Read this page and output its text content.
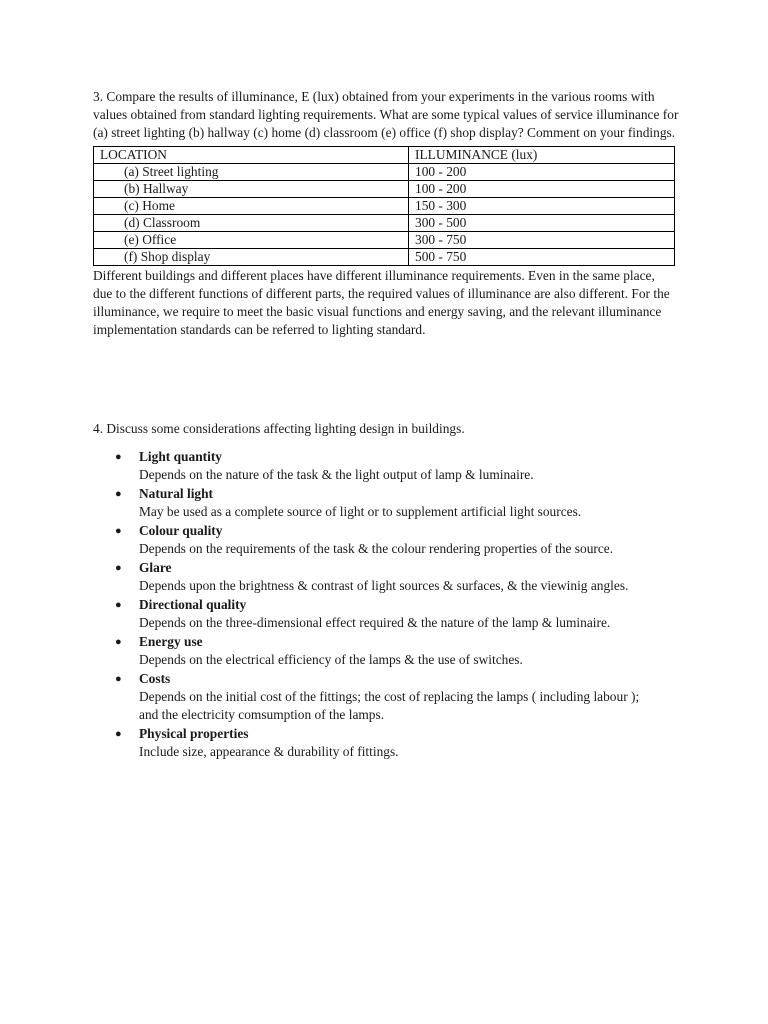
3. Compare the results of illuminance, E (lux) obtained from your experiments in the various rooms with values obtained from standard lighting requirements. What are some typical values of service illuminance for (a) street lighting (b) hallway (c) home (d) classroom (e) office (f) shop display? Comment on your findings.

LOCATION	ILLUMINANCE (lux)
(a) Street lighting	100 - 200
(b) Hallway	100 - 200
(c) Home	150 - 300
(d) Classroom	300 - 500
(e) Office	300 - 750
(f) Shop display	500 - 750

Different buildings and different places have different illuminance requirements. Even in the same place, due to the different functions of different parts, the required values of illuminance are also different. For the illuminance, we require to meet the basic visual functions and energy saving, and the relevant illuminance implementation standards can be referred to lighting standard.

4. Discuss some considerations affecting lighting design in buildings.

● Light quantity
Depends on the nature of the task & the light output of lamp & luminaire.
● Natural light
May be used as a complete source of light or to supplement artificial light sources.
● Colour quality
Depends on the requirements of the task & the colour rendering properties of the source.
● Glare
Depends upon the brightness & contrast of light sources & surfaces, & the viewinig angles.
● Directional quality
Depends on the three-dimensional effect required & the nature of the lamp & luminaire.
● Energy use
Depends on the electrical efficiency of the lamps & the use of switches.
● Costs
Depends on the initial cost of the fittings; the cost of replacing the lamps ( including labour ); and the electricity comsumption of the lamps.
● Physical properties
Include size, appearance & durability of fittings.
